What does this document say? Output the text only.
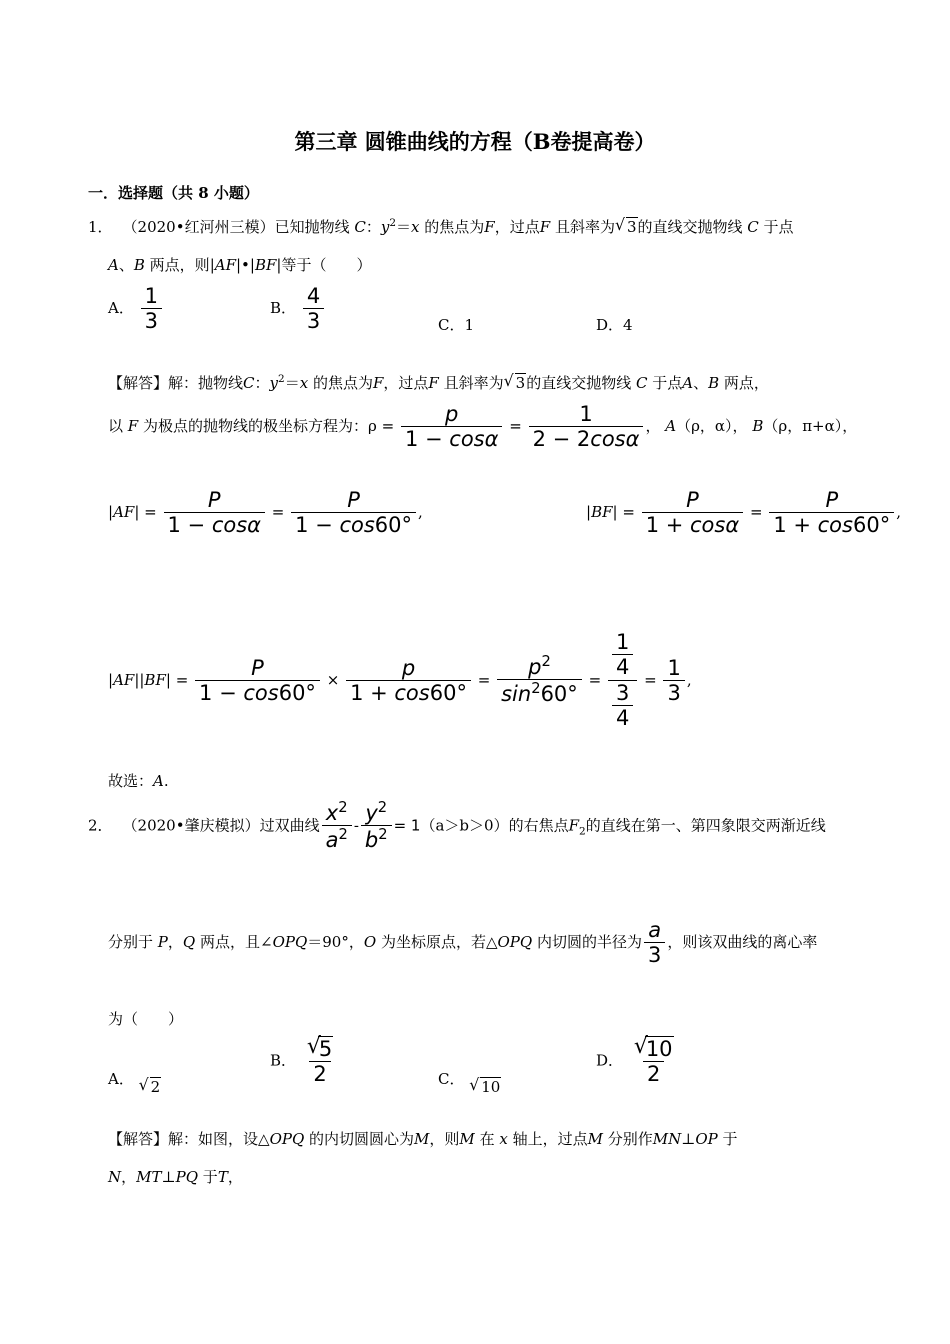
第三章 圆锥曲线的方程（B卷提高卷）
一．选择题（共 8 小题）
1． （2020•红河州三模）已知抛物线 C：$y^2=x$ 的焦点为F，过点F 且斜率为 √ 3的直线交抛物线 C 于点
A、B 两点，则|AF|•|BF|等于（　　）
A． $\frac{1}{3}$	B． $\frac{4}{3}$	C．1	D．4
【解答】解：抛物线C：$y^2=x$ 的焦点为F，过点F 且斜率为 √ 3的直线交抛物线 C 于点A、B 两点，
以 F 为极点的抛物线的极坐标方程为：$\rho = \frac{p}{1 - \cos\alpha} = \frac{1}{2 - 2\cos\alpha}$ ， A（ρ，α）， B（ρ，π+α），
$|AF| = \frac{P}{1 - \cos\alpha} = \frac{P}{1 - \cos 60^\circ}$ ,	$|BF| = \frac{P}{1 + \cos\alpha} = \frac{P}{1 + \cos 60^\circ}$ ,
$|AF||BF| = \frac{P}{1 - \cos 60^\circ} \times \frac{p}{1 + \cos 60^\circ} = \frac{p^2}{\sin^260^\circ} = \frac{\frac{1}{4}}{\frac{3}{4}} = \frac{1}{3}$ ,
故选：A.
2． （2020•肇庆模拟）过双曲线 $\frac{x^2}{a^2} - \frac{y^2}{b^2} = 1(a>b>0)$的右焦点$F_2$的直线在第一、第四象限交两渐近线
分别于 P，Q 两点，且∠OPQ＝90°，O 为坐标原点，若△OPQ 内切圆的半径为 $\frac{a}{3}$ ，则该双曲线的离心率
为（　　）
A． √ 2
B． √
5
2	C． √ 10
D． √
10
2
【解答】解：如图，设△OPQ 的内切圆圆心为M，则M 在 x 轴上，过点M 分别作MN⊥OP 于
N，MT⊥PQ 于T，
